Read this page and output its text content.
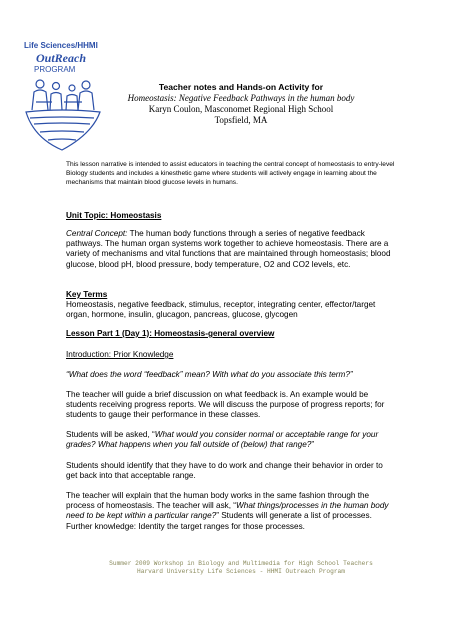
Life Sciences/HHMI
OutReach
PROGRAM
Teacher notes and Hands-on Activity for
Homeostasis: Negative Feedback Pathways in the human body
Karyn Coulon, Masconomet Regional High School
Topsfield, MA
This lesson narrative is intended to assist educators in teaching the central concept of homeostasis to entry-level Biology students and includes a kinesthetic game where students will actively engage in learning about the mechanisms that maintain blood glucose levels in humans.
Unit Topic: Homeostasis
Central Concept: The human body functions through a series of negative feedback pathways. The human organ systems work together to achieve homeostasis. There are a variety of mechanisms and vital functions that are maintained through homeostasis; blood glucose, blood pH, blood pressure, body temperature, O2 and CO2 levels, etc.
Key Terms
Homeostasis, negative feedback, stimulus, receptor, integrating center, effector/target organ, hormone, insulin, glucagon, pancreas, glucose, glycogen
Lesson Part 1 (Day 1): Homeostasis-general overview
Introduction: Prior Knowledge
“What does the word “feedback” mean? With what do you associate this term?”
The teacher will guide a brief discussion on what feedback is. An example would be students receiving progress reports. We will discuss the purpose of progress reports; for students to gauge their performance in these classes.
Students will be asked, “What would you consider normal or acceptable range for your grades? What happens when you fall outside of (below) that range?”
Students should identify that they have to do work and change their behavior in order to get back into that acceptable range.
The teacher will explain that the human body works in the same fashion through the process of homeostasis. The teacher will ask, “What things/processes in the human body need to be kept within a particular range?” Students will generate a list of processes. Further knowledge: Identity the target ranges for those processes.
Summer 2009 Workshop in Biology and Multimedia for High School Teachers
Harvard University Life Sciences - HHMI Outreach Program
